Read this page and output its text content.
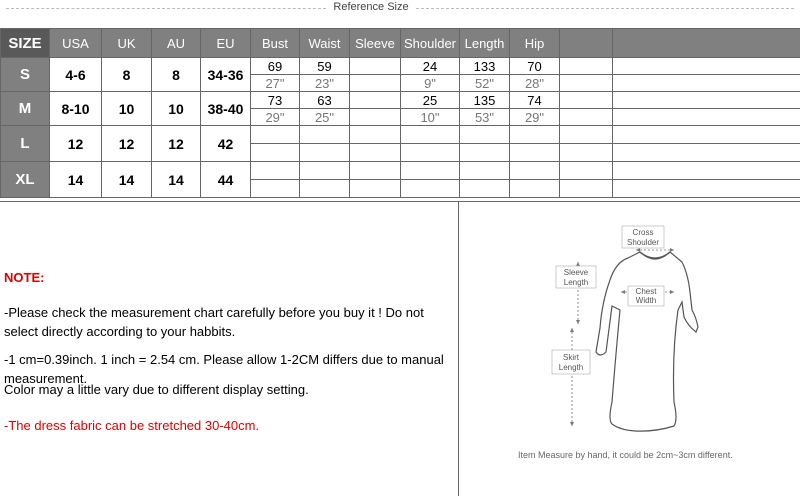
Reference Size
SIZE	USA	UK	AU	EU	Bust	Waist	Sleeve	Shoulder	Length	Hip		
S	4-6	8	8	34-36	69	59		24	133	70		
					27"	23"		9"	52"	28"		
M	8-10	10	10	38-40	73	63		25	135	74		
					29"	25"		10"	53"	29"		
L	12	12	12	42								

XL	14	14	14	44								

NOTE:

-Please check the measurement chart carefully before you buy it ! Do not select directly according to your habbits.

-1 cm=0.39inch. 1 inch = 2.54 cm. Please allow 1-2CM differs due to manual measurement.

Color may a little vary due to different display setting.

-The dress fabric can be stretched 30-40cm.

Cross
Shoulder
Sleeve
Length
Chest
Width
Skirt
Length
Item Measure by hand, it could be 2cm~3cm different.
